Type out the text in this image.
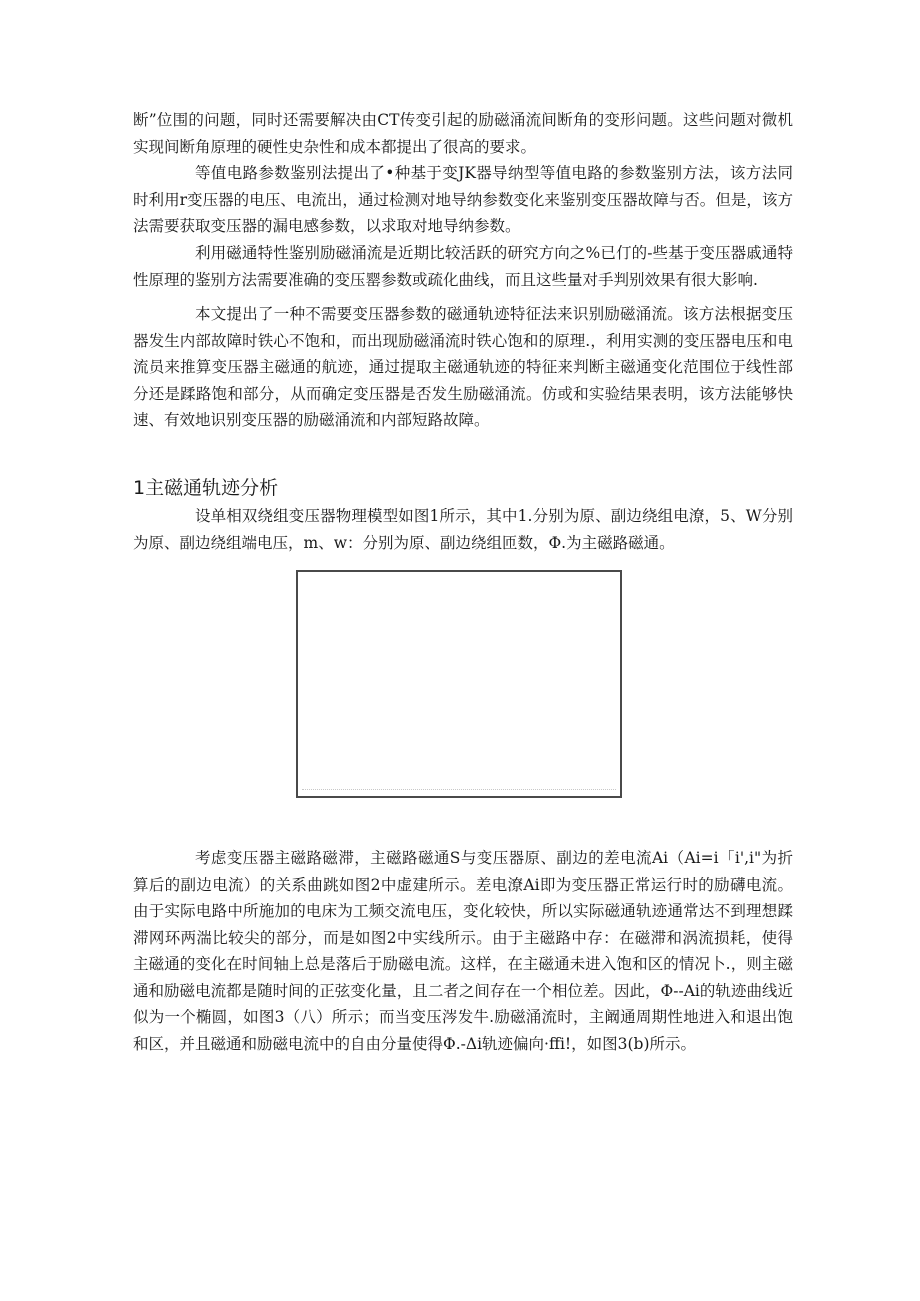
断”位围的问题，同时还需要解决由CT传变引起的励磁涌流间断角的变形问题。这些问题对微机实现间断角原理的硬性史杂性和成本都提出了很高的要求。

等值电路参数鉴别法提出了•种基于变JK器导纳型等值电路的参数鉴别方法，该方法同时利用r变压器的电压、电流出，通过检测对地导纳参数变化来鉴别变压器故障与否。但是，该方法需要获取变压器的漏电感参数，以求取对地导纳参数。

利用磁通特性鉴别励磁涌流是近期比较活跃的研究方向之%已仃的-些基于变压器戚通特性原理的鉴别方法需要准确的变压罂参数或疏化曲线，而且这些量对手判别效果有很大影响.

本文提出了一种不需要变压器参数的磁通轨迹特征法来识别励磁涌流。该方法根据变压器发生内部故障时铁心不饱和，而出现励磁涌流时铁心饱和的原理.，利用实测的变压器电压和电流员来推算变压器主磁通的航迹，通过提取主磁通轨迹的特征来判断主磁通变化范围位于线性部分还是蹂路饱和部分，从而确定变压器是否发生励磁涌流。仿或和实验结果表明，该方法能够快速、有效地识别变压器的励磁涌流和内部短路故障。

1主磁通轨迹分析

设单相双绕组变压器物理模型如图1所示，其中1.分别为原、副边绕组电潦，5、W分别为原、副边绕组端电压，m、w：分别为原、副边绕组匝数，Φ.为主磁路磁通。

考虑变压器主磁路磁滞，主磁路磁通S与变压器原、副边的差电流Ai（Ai=i「i',i"为折算后的副边电流）的关系曲跳如图2中虚建所示。差电潦Ai即为变压器正常运行时的励礴电流。由于实际电路中所施加的电床为工频交流电压，变化较快，所以实际磁通轨迹通常达不到理想蹂滞网环两湍比较尖的部分，而是如图2中实线所示。由于主磁路中存：在磁滞和涡流损耗，使得主磁通的变化在时间轴上总是落后于励磁电流。这样，在主磁通未进入饱和区的情况卜.，则主磁通和励磁电流都是随时间的正弦变化量，且二者之间存在一个相位差。因此，Φ--Ai的轨迹曲线近似为一个椭圆，如图3（八）所示；而当变压涔发牛.励磁涌流时，主阚通周期性地进入和退出饱和区，并且磁通和励磁电流中的自由分量使得Φ.-Δi轨迹偏向·ffi!，如图3(b)所示。
